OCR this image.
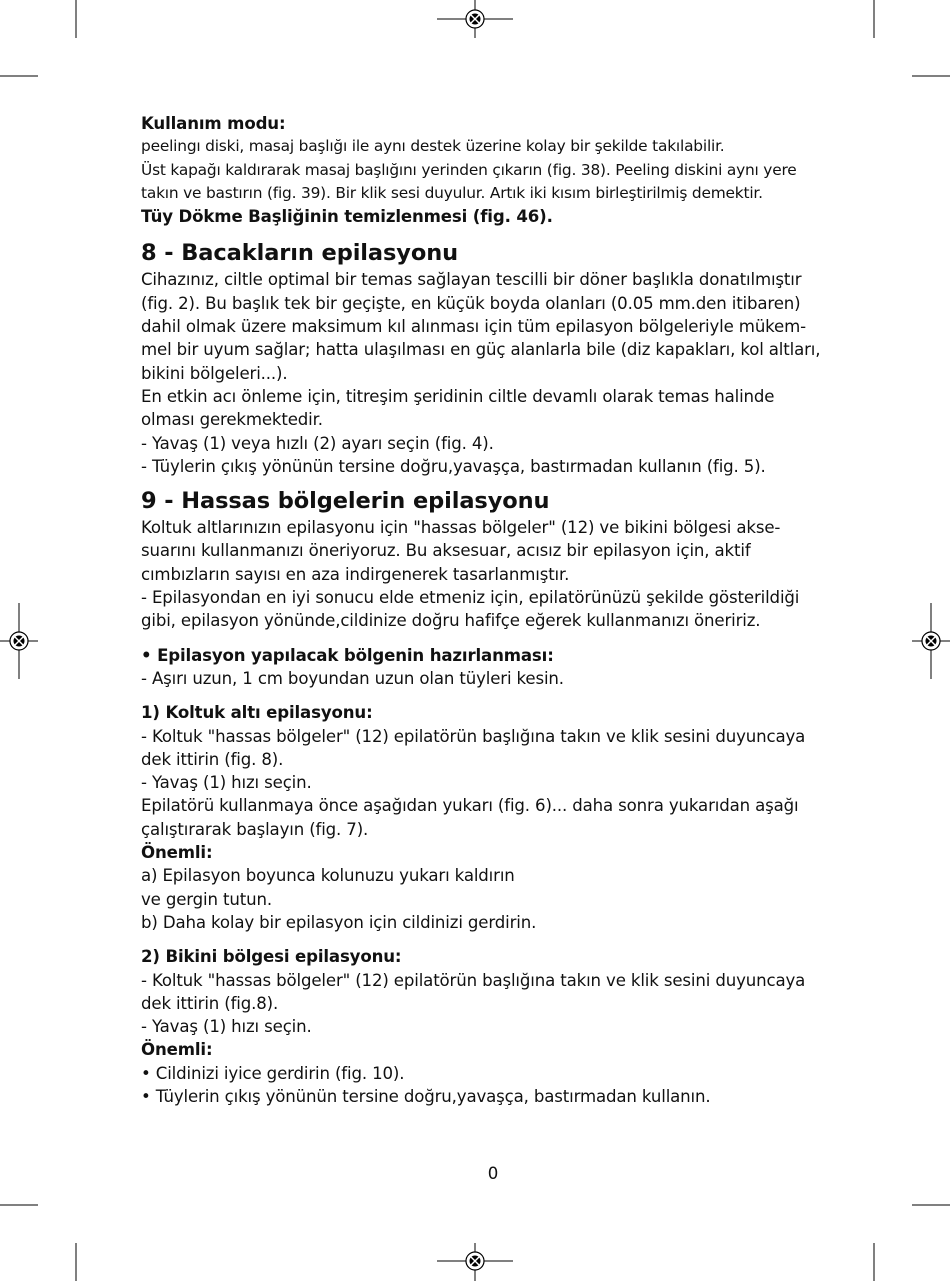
Kullanım modu:

peelingı diski, masaj başlığı ile aynı destek üzerine kolay bir şekilde takılabilir.

Üst kapağı kaldırarak masaj başlığını yerinden çıkarın (fig. 38). Peeling diskini aynı yere

takın ve bastırın (fig. 39). Bir klik sesi duyulur. Artık iki kısım birleştirilmiş demektir.

Tüy Dökme Başliğinin temizlenmesi (fig. 46).

8 - Bacakların epilasyonu

Cihazınız, ciltle optimal bir temas sağlayan tescilli bir döner başlıkla donatılmıştır

(fig. 2). Bu başlık tek bir geçişte, en küçük boyda olanları (0.05 mm.den itibaren)

dahil olmak üzere maksimum kıl alınması için tüm epilasyon bölgeleriyle mükem-

mel bir uyum sağlar; hatta ulaşılması en güç alanlarla bile (diz kapakları, kol altları,

bikini bölgeleri...).

En etkin acı önleme için, titreşim şeridinin ciltle devamlı olarak temas halinde

olması gerekmektedir.

- Yavaş (1) veya hızlı (2) ayarı seçin (fig. 4).

- Tüylerin çıkış yönünün tersine doğru,yavaşça, bastırmadan kullanın (fig. 5).

9 - Hassas bölgelerin epilasyonu

Koltuk altlarınızın epilasyonu için "hassas bölgeler" (12) ve bikini bölgesi akse-

suarını kullanmanızı öneriyoruz. Bu aksesuar, acısız bir epilasyon için, aktif

cımbızların sayısı en aza indirgenerek tasarlanmıştır.

- Epilasyondan en iyi sonucu elde etmeniz için, epilatörünüzü şekilde gösterildiği

gibi, epilasyon yönünde,cildinize doğru hafifçe eğerek kullanmanızı öneririz.

• Epilasyon yapılacak bölgenin hazırlanması:

- Aşırı uzun, 1 cm boyundan uzun olan tüyleri kesin.

1) Koltuk altı epilasyonu:

- Koltuk "hassas bölgeler" (12) epilatörün başlığına takın ve klik sesini duyuncaya

dek ittirin (fig. 8).

- Yavaş (1) hızı seçin.

Epilatörü kullanmaya önce aşağıdan yukarı (fig. 6)... daha sonra yukarıdan aşağı

çalıştırarak başlayın (fig. 7).

Önemli:

a) Epilasyon boyunca kolunuzu yukarı kaldırın

ve gergin tutun.

b) Daha kolay bir epilasyon için cildinizi gerdirin.

2) Bikini bölgesi epilasyonu:

- Koltuk "hassas bölgeler" (12) epilatörün başlığına takın ve klik sesini duyuncaya

dek ittirin (fig.8).

- Yavaş (1) hızı seçin.

Önemli:

• Cildinizi iyice gerdirin (fig. 10).

• Tüylerin çıkış yönünün tersine doğru,yavaşça, bastırmadan kullanın.

0
